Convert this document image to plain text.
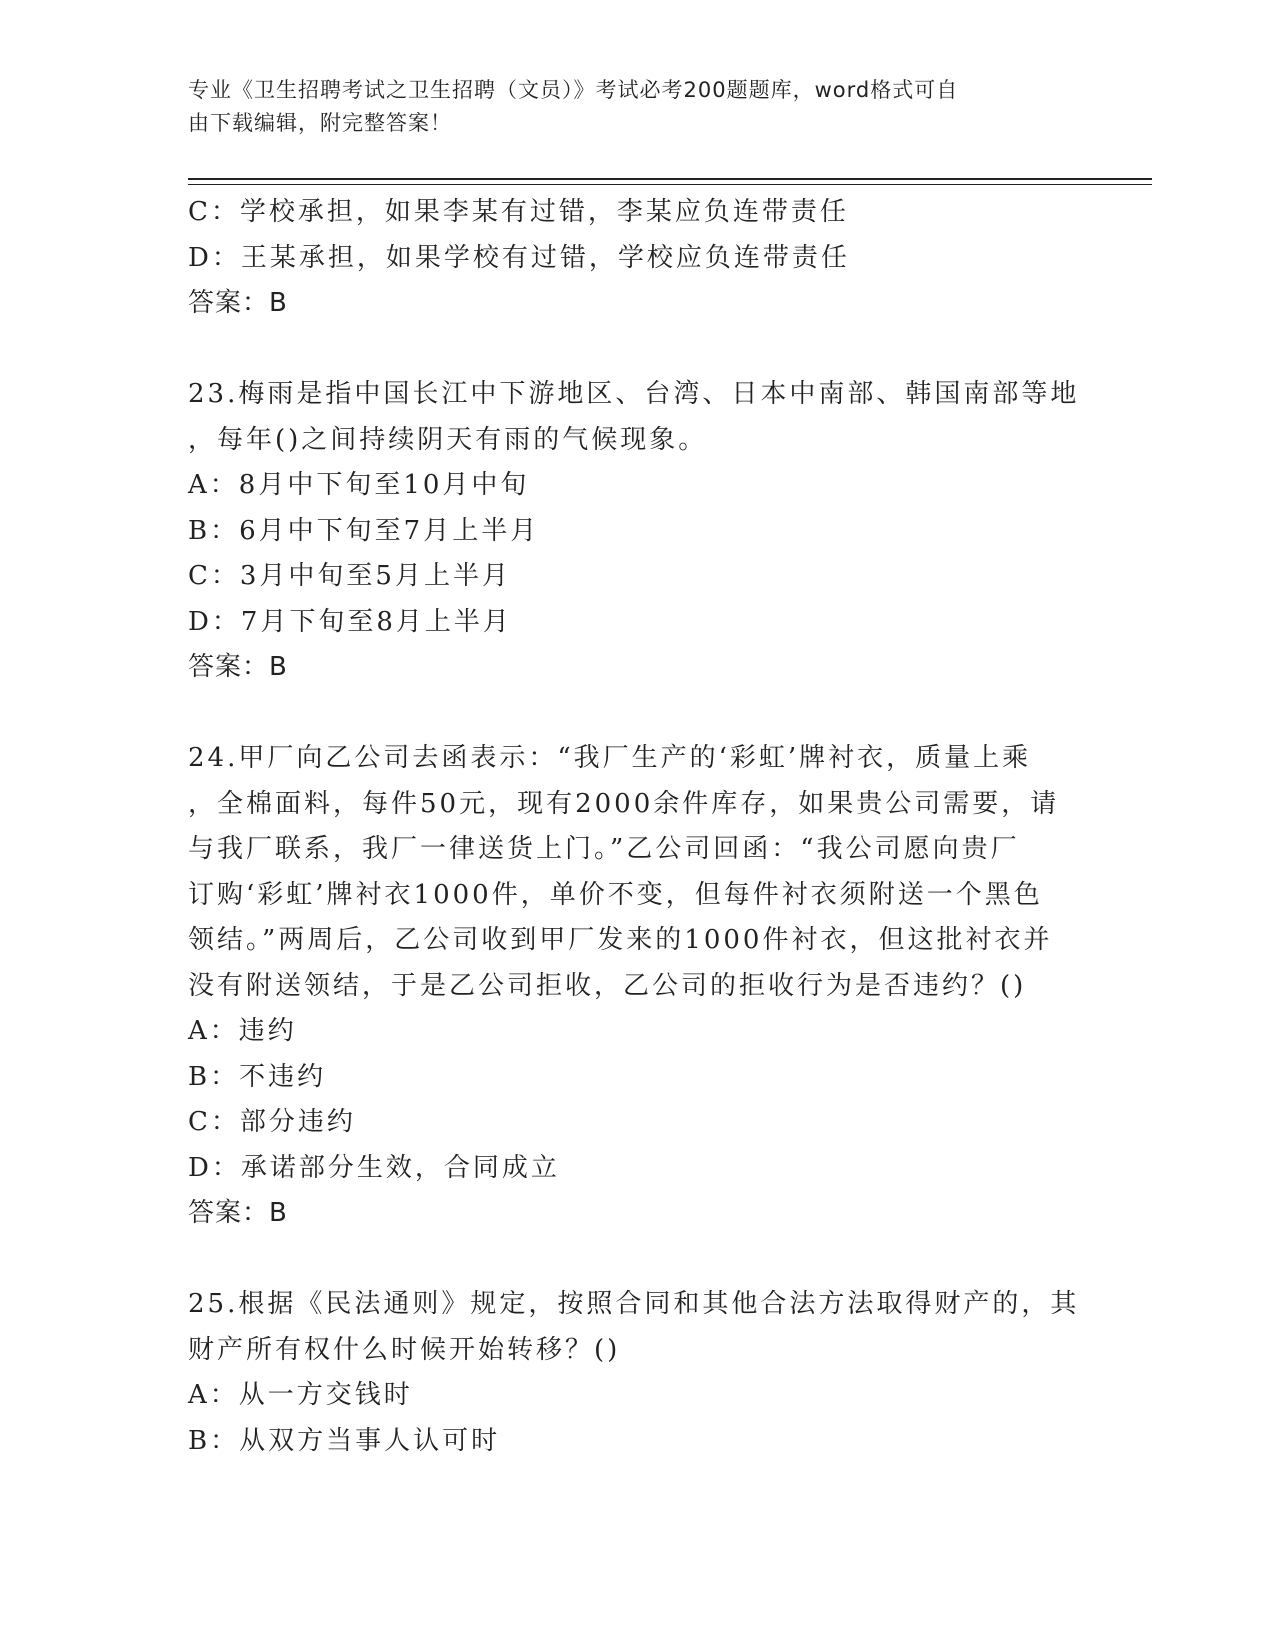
专业《卫生招聘考试之卫生招聘（文员）》考试必考200题题库，word格式可自
由下载编辑，附完整答案！
C：学校承担，如果李某有过错，李某应负连带责任
D：王某承担，如果学校有过错，学校应负连带责任
答案：B
23.梅雨是指中国长江中下游地区、台湾、日本中南部、韩国南部等地
，每年()之间持续阴天有雨的气候现象。
A：8月中下旬至10月中旬
B：6月中下旬至7月上半月
C：3月中旬至5月上半月
D：7月下旬至8月上半月
答案：B
24.甲厂向乙公司去函表示：“我厂生产的‘彩虹’牌衬衣，质量上乘
，全棉面料，每件50元，现有2000余件库存，如果贵公司需要，请
与我厂联系，我厂一律送货上门。”乙公司回函：“我公司愿向贵厂
订购‘彩虹’牌衬衣1000件，单价不变，但每件衬衣须附送一个黑色
领结。”两周后，乙公司收到甲厂发来的1000件衬衣，但这批衬衣并
没有附送领结，于是乙公司拒收，乙公司的拒收行为是否违约？()
A：违约
B：不违约
C：部分违约
D：承诺部分生效，合同成立
答案：B
25.根据《民法通则》规定，按照合同和其他合法方法取得财产的，其
财产所有权什么时候开始转移？()
A：从一方交钱时
B：从双方当事人认可时
